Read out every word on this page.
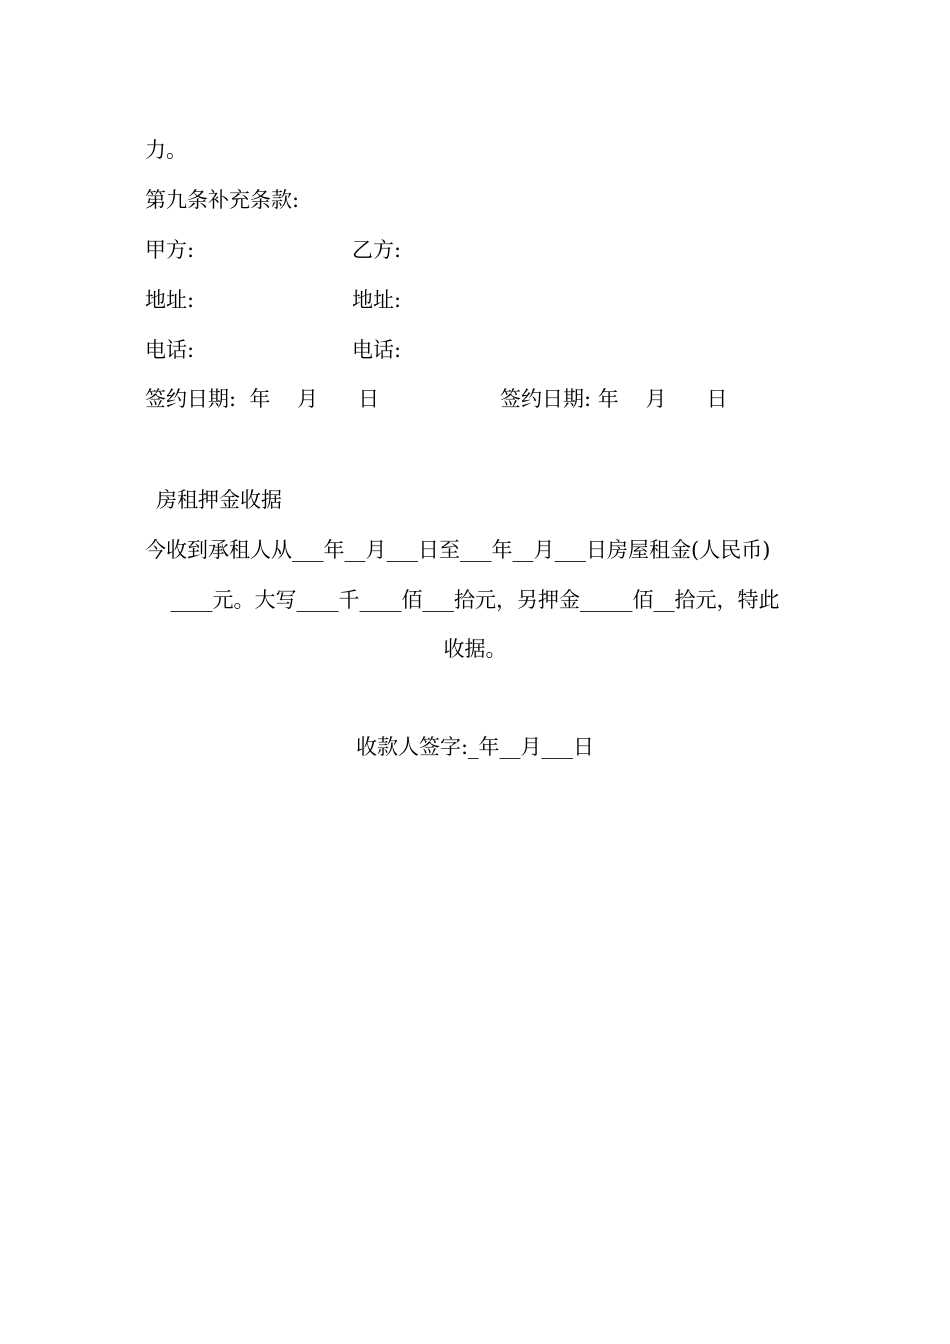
力。
第九条补充条款:
甲方:	乙方:
地址:	地址:
电话:	电话:
签约日期:  年    月      日	签约日期: 年    月      日
房租押金收据
今收到承租人从___年__月___日至___年__月___日房屋租金(人民币)
____元。大写____千____佰___拾元，另押金_____佰__拾元，特此
收据。
收款人签字:_年__月___日
